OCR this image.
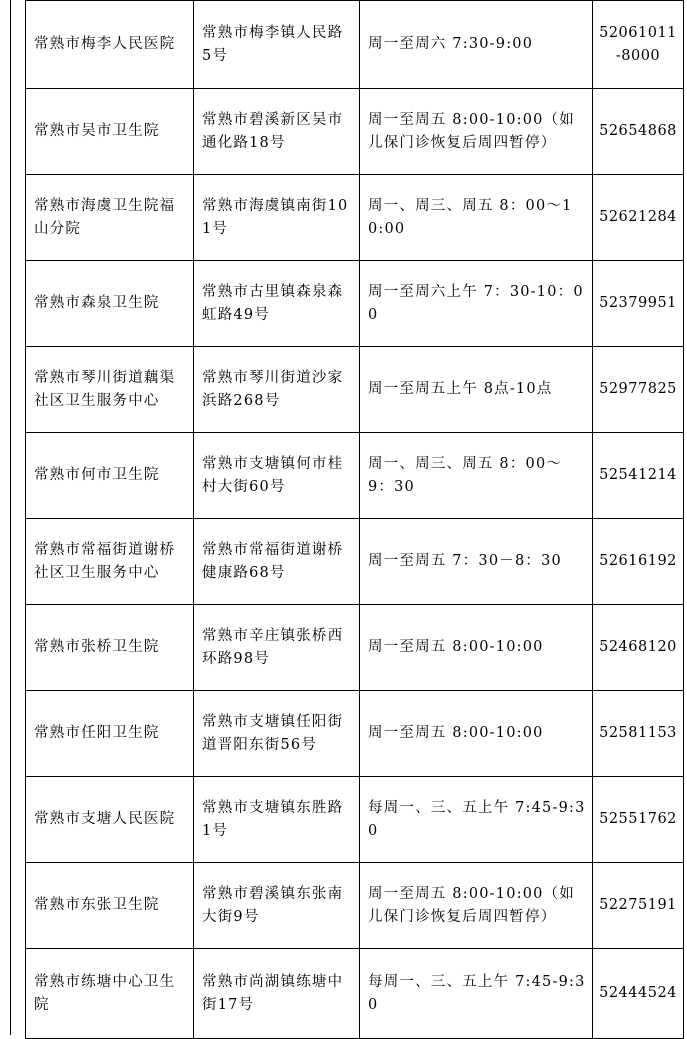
常熟市梅李人民医院	常熟市梅李镇人民路5号	周一至周六 7:30-9:00	52061011-8000
常熟市吴市卫生院	常熟市碧溪新区吴市通化路18号	周一至周五 8:00-10:00（如儿保门诊恢复后周四暂停）	52654868
常熟市海虞卫生院福山分院	常熟市海虞镇南街101号	周一、周三、周五 8：00～10:00	52621284
常熟市森泉卫生院	常熟市古里镇森泉森虹路49号	周一至周六上午 7：30-10：00	52379951
常熟市琴川街道藕渠社区卫生服务中心	常熟市琴川街道沙家浜路268号	周一至周五上午 8点-10点	52977825
常熟市何市卫生院	常熟市支塘镇何市桂村大街60号	周一、周三、周五 8：00～9：30	52541214
常熟市常福街道谢桥社区卫生服务中心	常熟市常福街道谢桥健康路68号	周一至周五 7：30－8：30	52616192
常熟市张桥卫生院	常熟市辛庄镇张桥西环路98号	周一至周五 8:00-10:00	52468120
常熟市任阳卫生院	常熟市支塘镇任阳街道晋阳东街56号	周一至周五 8:00-10:00	52581153
常熟市支塘人民医院	常熟市支塘镇东胜路1号	每周一、三、五上午 7:45-9:30	52551762
常熟市东张卫生院	常熟市碧溪镇东张南大街9号	周一至周五 8:00-10:00（如儿保门诊恢复后周四暂停）	52275191
常熟市练塘中心卫生院	常熟市尚湖镇练塘中街17号	每周一、三、五上午 7:45-9:30	52444524
